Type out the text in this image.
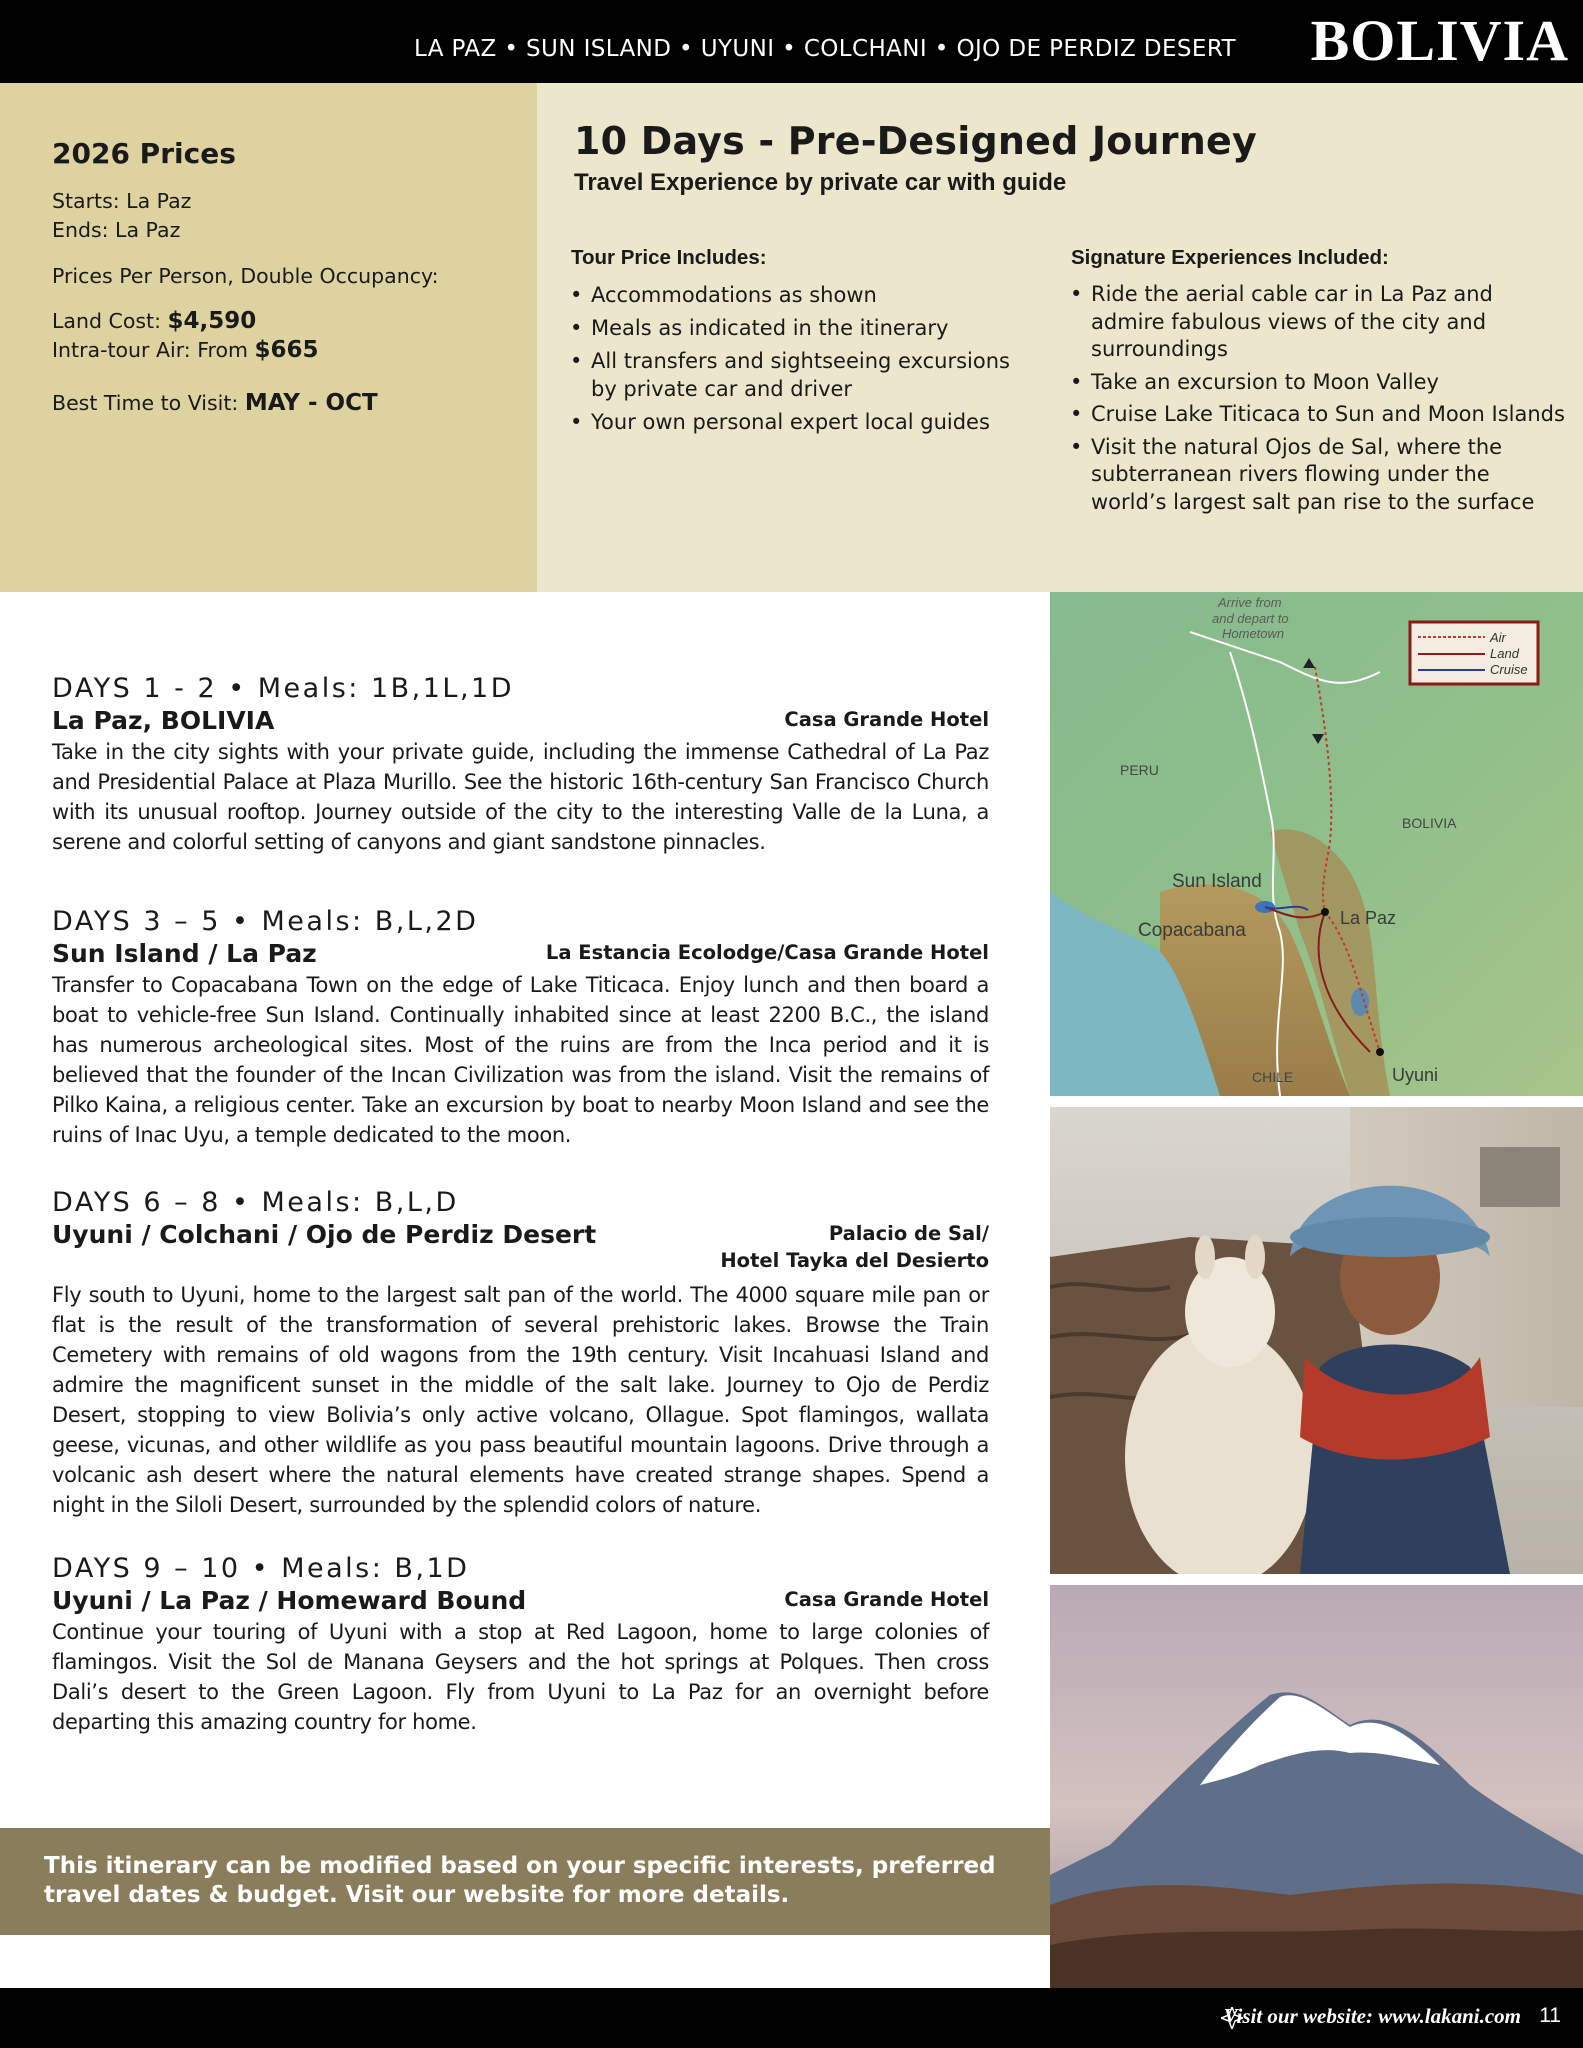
LA PAZ • SUN ISLAND • UYUNI • COLCHANI • OJO DE PERDIZ DESERT BOLIVIA
2026 Prices
Starts: La Paz
Ends: La Paz
Prices Per Person, Double Occupancy:
Land Cost: $4,590
Intra-tour Air: From $665
Best Time to Visit: MAY - OCT
10 Days - Pre-Designed Journey
Travel Experience by private car with guide
Tour Price Includes:
• Accommodations as shown
• Meals as indicated in the itinerary
• All transfers and sightseeing excursions by private car and driver
• Your own personal expert local guides
Signature Experiences Included:
• Ride the aerial cable car in La Paz and admire fabulous views of the city and surroundings
• Take an excursion to Moon Valley
• Cruise Lake Titicaca to Sun and Moon Islands
• Visit the natural Ojos de Sal, where the subterranean rivers flowing under the world’s largest salt pan rise to the surface
DAYS 1 - 2 • Meals: 1B,1L,1D
La Paz, BOLIVIA	Casa Grande Hotel
Take in the city sights with your private guide, including the immense Cathedral of La Paz and Presidential Palace at Plaza Murillo. See the historic 16th-century San Francisco Church with its unusual rooftop. Journey outside of the city to the interesting Valle de la Luna, a serene and colorful setting of canyons and giant sandstone pinnacles.
DAYS 3 – 5 • Meals: B,L,2D
Sun Island / La Paz	La Estancia Ecolodge/Casa Grande Hotel
Transfer to Copacabana Town on the edge of Lake Titicaca. Enjoy lunch and then board a boat to vehicle-free Sun Island. Continually inhabited since at least 2200 B.C., the island has numerous archeological sites. Most of the ruins are from the Inca period and it is believed that the founder of the Incan Civilization was from the island. Visit the remains of Pilko Kaina, a religious center. Take an excursion by boat to nearby Moon Island and see the ruins of Inac Uyu, a temple dedicated to the moon.
DAYS 6 – 8 • Meals: B,L,D
Uyuni / Colchani / Ojo de Perdiz Desert	Palacio de Sal/
Hotel Tayka del Desierto
Fly south to Uyuni, home to the largest salt pan of the world. The 4000 square mile pan or flat is the result of the transformation of several prehistoric lakes. Browse the Train Cemetery with remains of old wagons from the 19th century. Visit Incahuasi Island and admire the magnificent sunset in the middle of the salt lake. Journey to Ojo de Perdiz Desert, stopping to view Bolivia’s only active volcano, Ollague. Spot flamingos, wallata geese, vicunas, and other wildlife as you pass beautiful mountain lagoons. Drive through a volcanic ash desert where the natural elements have created strange shapes. Spend a night in the Siloli Desert, surrounded by the splendid colors of nature.
DAYS 9 – 10 • Meals: B,1D
Uyuni / La Paz / Homeward Bound	Casa Grande Hotel
Continue your touring of Uyuni with a stop at Red Lagoon, home to large colonies of flamingos. Visit the Sol de Manana Geysers and the hot springs at Polques. Then cross Dali’s desert to the Green Lagoon. Fly from Uyuni to La Paz for an overnight before departing this amazing country for home.
This itinerary can be modified based on your specific interests, preferred travel dates & budget. Visit our website for more details.
Arrive from
and depart to
Hometown	Air
Land
Cruise
PERU
BOLIVIA
CHILE
Sun Island
Copacabana
La Paz
Uyuni
Visit our website: www.lakani.com 11
